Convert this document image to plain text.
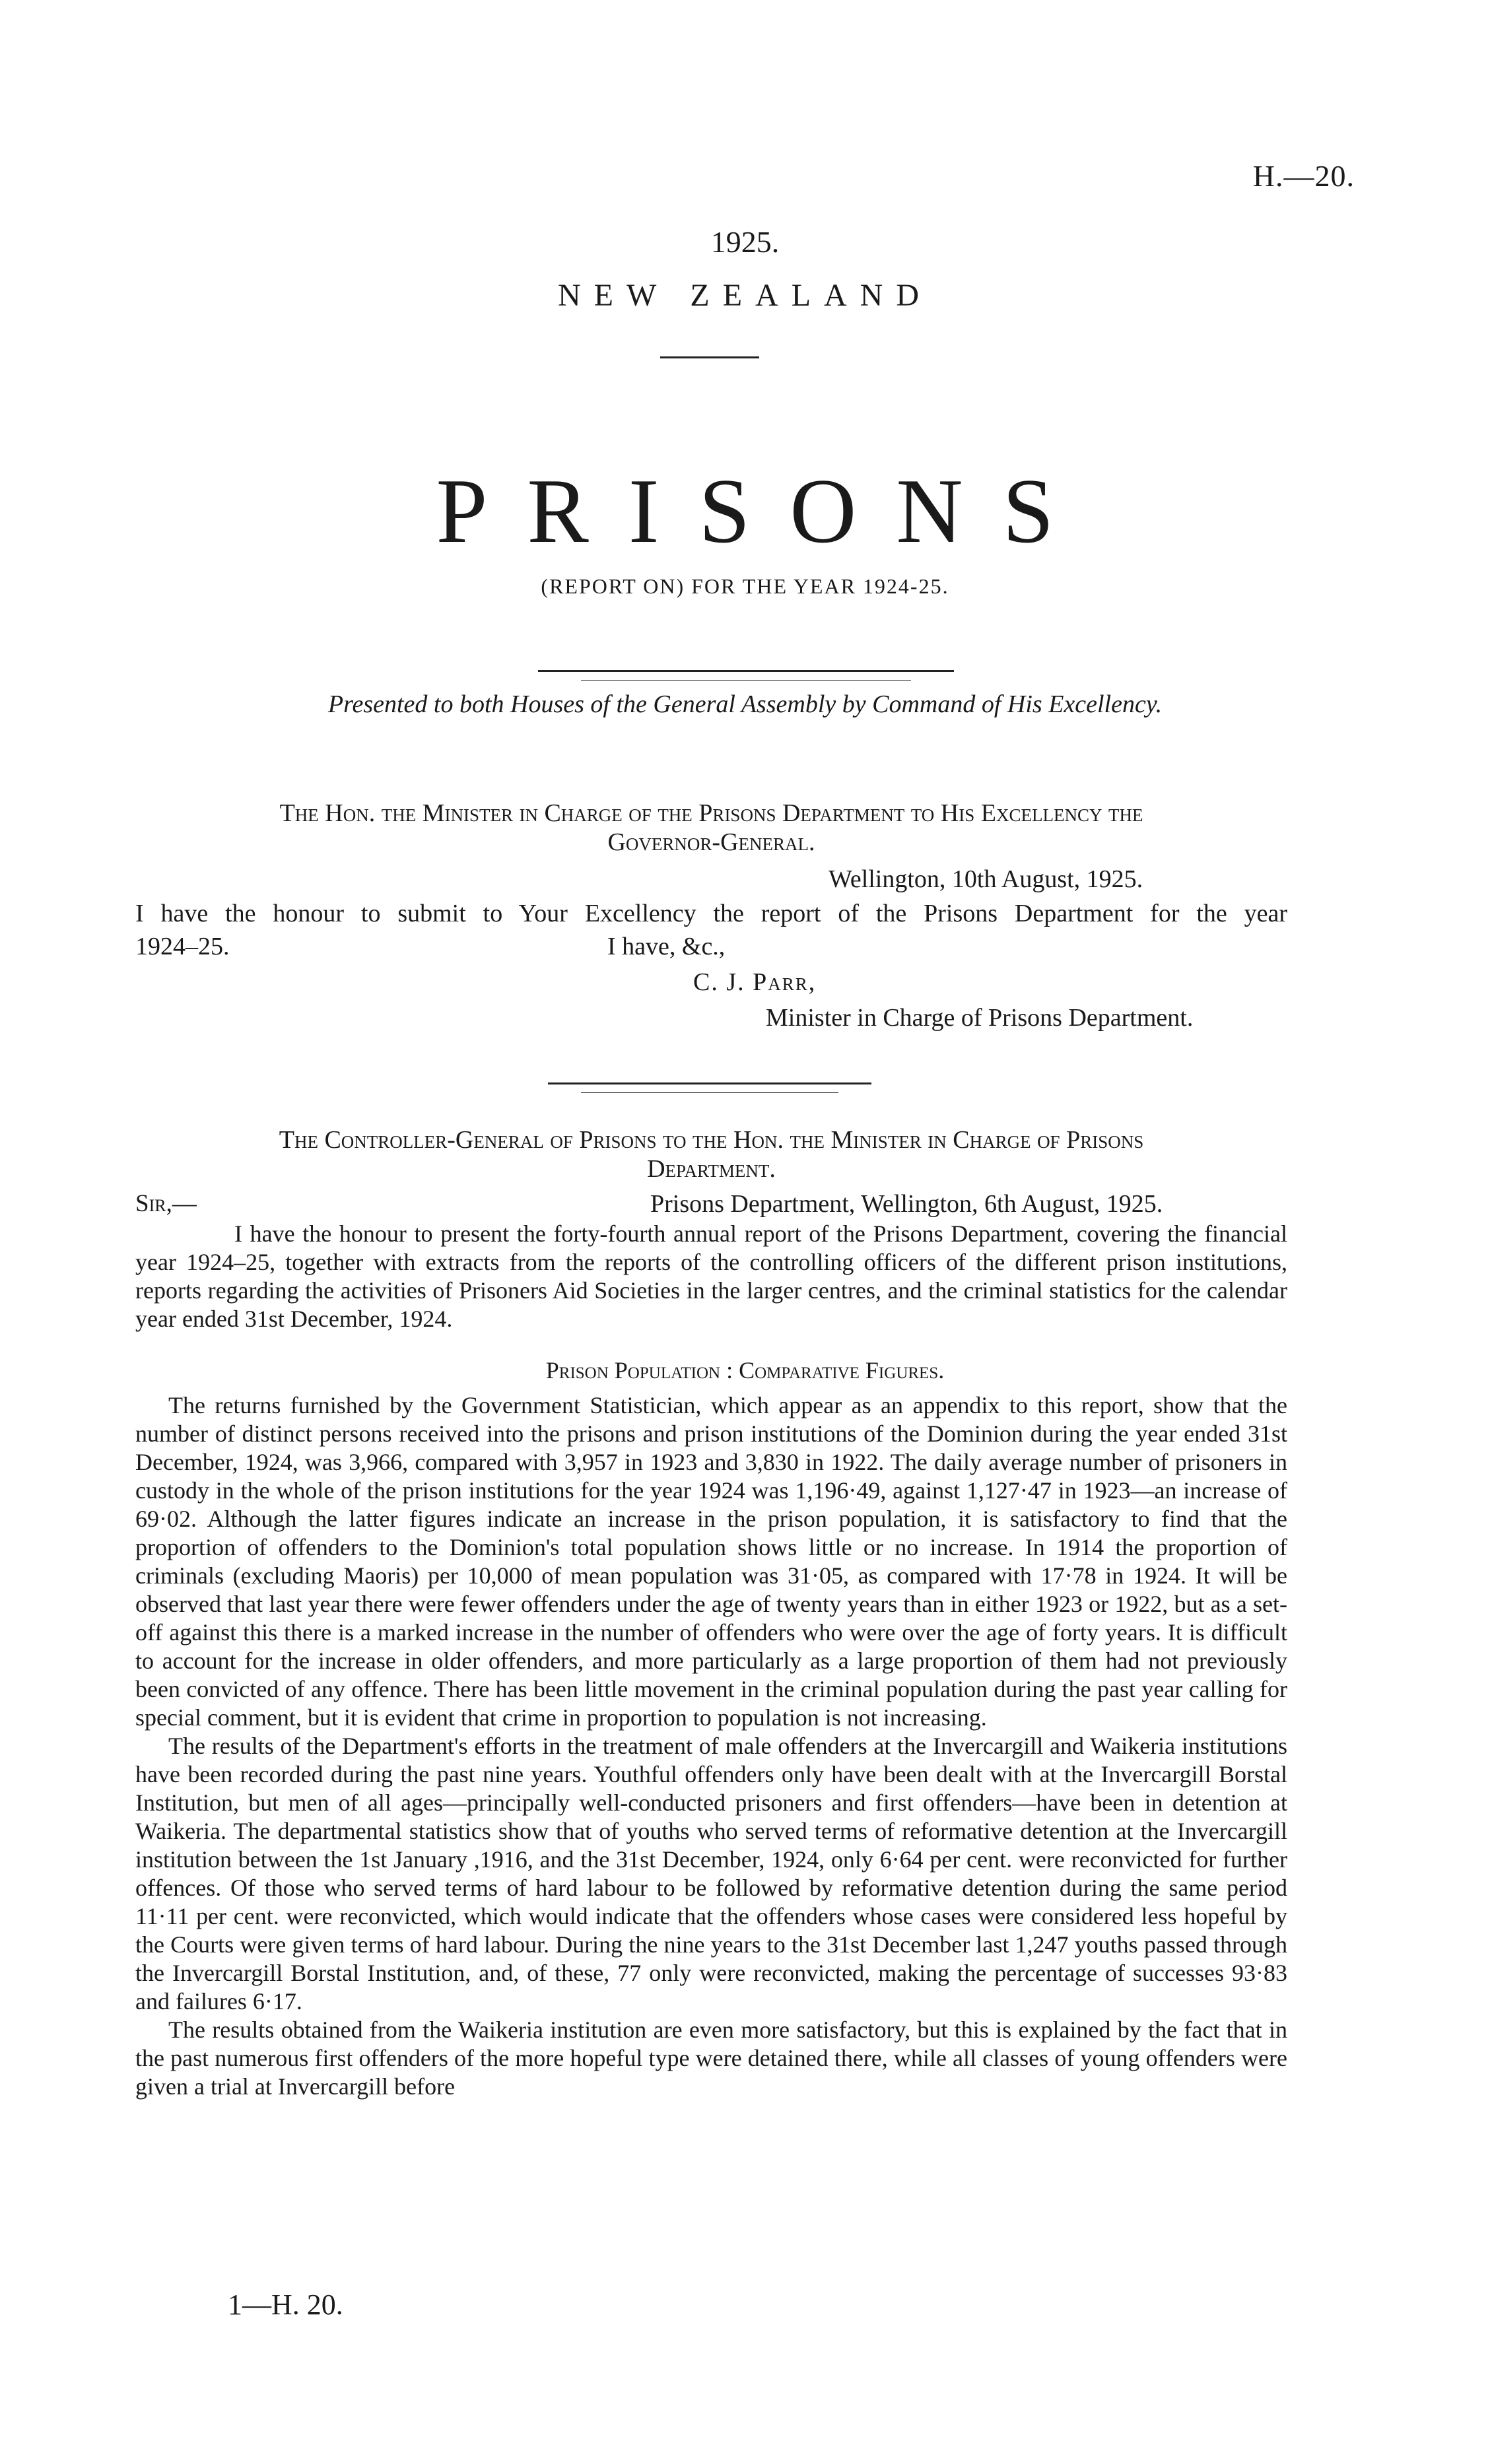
H.—20.
1925.
NEW ZEALAND
PRISONS
(REPORT ON) FOR THE YEAR 1924-25.
Presented to both Houses of the General Assembly by Command of His Excellency.
The Hon. the Minister in Charge of the Prisons Department to His Excellency the
Governor-General.
Wellington, 10th August, 1925.
I have the honour to submit to Your Excellency the report of the Prisons Department for the year
1924–25.	I have, &c.,
C. J. Parr,
Minister in Charge of Prisons Department.
The Controller-General of Prisons to the Hon. the Minister in Charge of Prisons
Department.
Sir,—	Prisons Department, Wellington, 6th August, 1925.

I have the honour to present the forty-fourth annual report of the Prisons Department, covering the financial year 1924–25, together with extracts from the reports of the controlling officers of the different prison institutions, reports regarding the activities of Prisoners Aid Societies in the larger centres, and the criminal statistics for the calendar year ended 31st December, 1924.

Prison Population : Comparative Figures.

The returns furnished by the Government Statistician, which appear as an appendix to this report, show that the number of distinct persons received into the prisons and prison institutions of the Dominion during the year ended 31st December, 1924, was 3,966, compared with 3,957 in 1923 and 3,830 in 1922. The daily average number of prisoners in custody in the whole of the prison institutions for the year 1924 was 1,196·49, against 1,127·47 in 1923—an increase of 69·02. Although the latter figures indicate an increase in the prison population, it is satisfactory to find that the proportion of offenders to the Dominion's total population shows little or no increase. In 1914 the proportion of criminals (excluding Maoris) per 10,000 of mean population was 31·05, as compared with 17·78 in 1924. It will be observed that last year there were fewer offenders under the age of twenty years than in either 1923 or 1922, but as a set-off against this there is a marked increase in the number of offenders who were over the age of forty years. It is difficult to account for the increase in older offenders, and more particularly as a large proportion of them had not previously been convicted of any offence. There has been little movement in the criminal population during the past year calling for special comment, but it is evident that crime in proportion to population is not increasing.

The results of the Department's efforts in the treatment of male offenders at the Invercargill and Waikeria institutions have been recorded during the past nine years. Youthful offenders only have been dealt with at the Invercargill Borstal Institution, but men of all ages—principally well-conducted prisoners and first offenders—have been in detention at Waikeria. The departmental statistics show that of youths who served terms of reformative detention at the Invercargill institution between the 1st January ,1916, and the 31st December, 1924, only 6·64 per cent. were reconvicted for further offences. Of those who served terms of hard labour to be followed by reformative detention during the same period 11·11 per cent. were reconvicted, which would indicate that the offenders whose cases were considered less hopeful by the Courts were given terms of hard labour. During the nine years to the 31st December last 1,247 youths passed through the Invercargill Borstal Institution, and, of these, 77 only were reconvicted, making the percentage of successes 93·83 and failures 6·17.

The results obtained from the Waikeria institution are even more satisfactory, but this is explained by the fact that in the past numerous first offenders of the more hopeful type were detained there, while all classes of young offenders were given a trial at Invercargill before

1—H. 20.
